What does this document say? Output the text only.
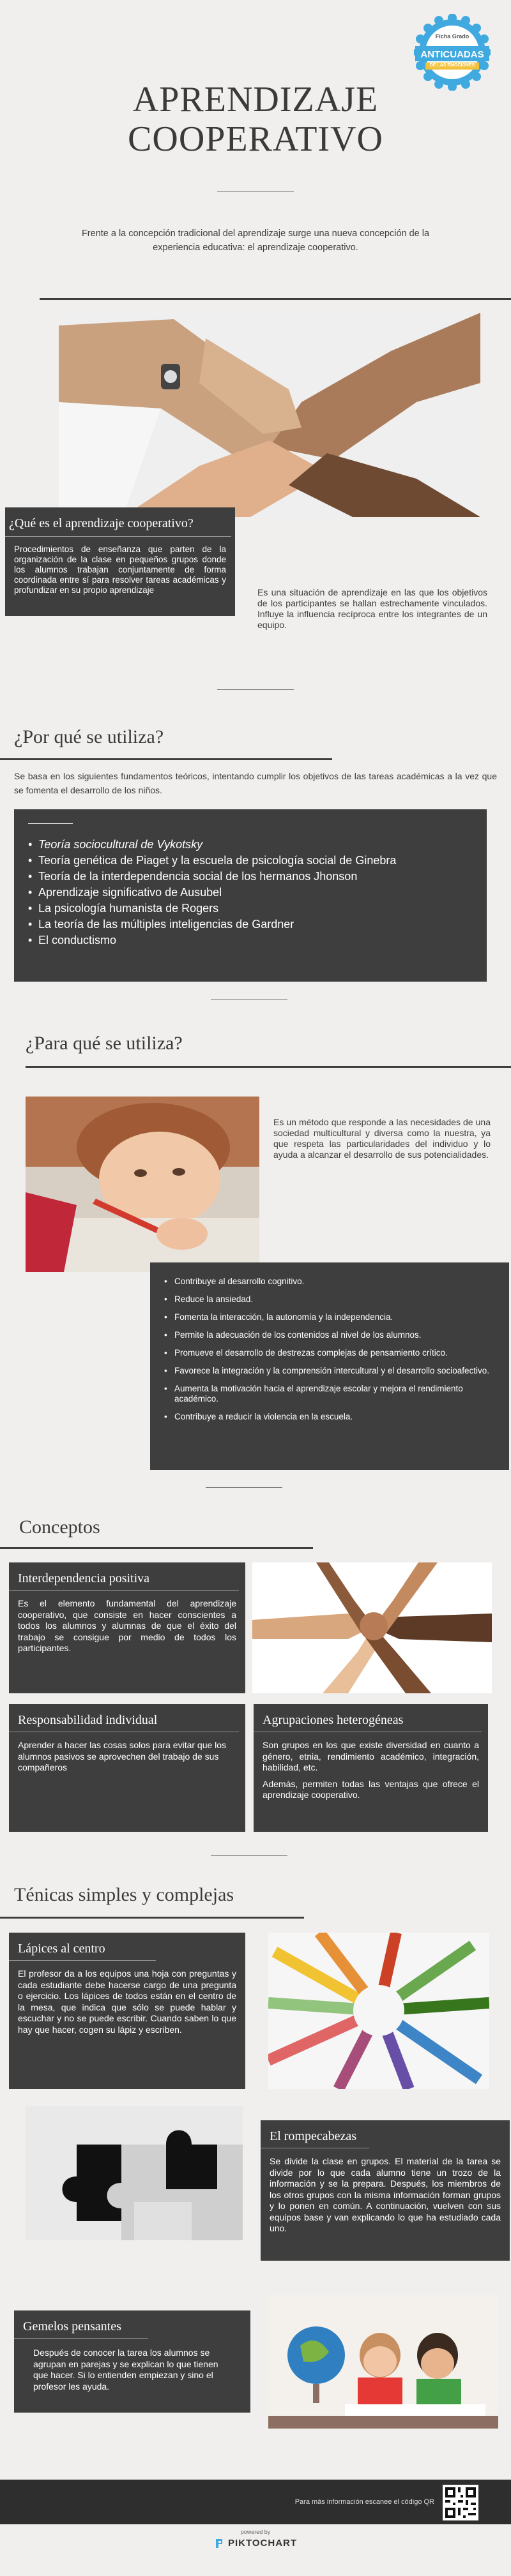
Ficha Grado
ANTICUADAS
DE LAS EMOCIONES
APRENDIZAJE
COOPERATIVO
Frente a la concepción tradicional del aprendizaje surge una nueva concepción de la experiencia educativa: el aprendizaje cooperativo.
¿Qué es el aprendizaje cooperativo?
Procedimientos de enseñanza que parten de la organización de la clase en pequeños grupos donde los alumnos trabajan conjuntamente de forma coordinada entre sí para resolver tareas académicas y profundizar en su propio aprendizaje	Es una situación de aprendizaje en las que los objetivos de los participantes se hallan estrechamente vinculados. Influye la influencia recíproca entre los integrantes de un equipo.
¿Por qué se utiliza?
Se basa en los siguientes fundamentos teóricos, intentando cumplir los objetivos de las tareas académicas a la vez que se fomenta el desarrollo de los niños.
• Teoría sociocultural de Vykotsky
• Teoría genética de Piaget y la escuela de psicología social de Ginebra
• Teoría de la interdependencia social de los hermanos Jhonson
• Aprendizaje significativo de Ausubel
• La psicología humanista de Rogers
• La teoría de las múltiples inteligencias de Gardner
• El conductismo
¿Para qué se utiliza?
Es un método que responde a las necesidades de una sociedad multicultural y diversa como la nuestra, ya que respeta las particularidades del individuo y lo ayuda a alcanzar el desarrollo de sus potencialidades.
• Contribuye al desarrollo cognitivo.
• Reduce la ansiedad.
• Fomenta la interacción, la autonomía y la independencia.
• Permite la adecuación de los contenidos al nivel de los alumnos.
• Promueve el desarrollo de destrezas complejas de pensamiento crítico.
• Favorece la integración y la comprensión intercultural y el desarrollo socioafectivo.
• Aumenta la motivación hacia el aprendizaje escolar y mejora el rendimiento académico.
• Contribuye a reducir la violencia en la escuela.
Conceptos
Interdependencia positiva
Es el elemento fundamental del aprendizaje cooperativo, que consiste en hacer conscientes a todos los alumnos y alumnas de que el éxito del trabajo se consigue por medio de todos los participantes.
Responsabilidad individual
Aprender a hacer las cosas solos para evitar que los alumnos pasivos se aprovechen del trabajo de sus compañeros
Agrupaciones heterogéneas
Son grupos en los que existe diversidad en cuanto a género, etnia, rendimiento académico, integración, habilidad, etc.
Además, permiten todas las ventajas que ofrece el aprendizaje cooperativo.
Ténicas simples y complejas
Lápices al centro
El profesor da a los equipos una hoja con preguntas y cada estudiante debe hacerse cargo de una pregunta o ejercicio. Los lápices de todos están en el centro de la mesa, que indica que sólo se puede hablar y escuchar y no se puede escribir. Cuando saben lo que hay que hacer, cogen su lápiz y escriben.
El rompecabezas
Se divide la clase en grupos. El material de la tarea se divide por lo que cada alumno tiene un trozo de la información y se la prepara. Después, los miembros de los otros grupos con la misma información forman grupos y lo ponen en común. A continuación, vuelven con sus equipos base y van explicando lo que ha estudiado cada uno.
Gemelos pensantes
Después de conocer la tarea los alumnos se agrupan en parejas y se explican lo que tienen que hacer. Si lo entienden empiezan y sino el profesor les ayuda.
Para más información escanee el código QR
powered by
PIKTOCHART
